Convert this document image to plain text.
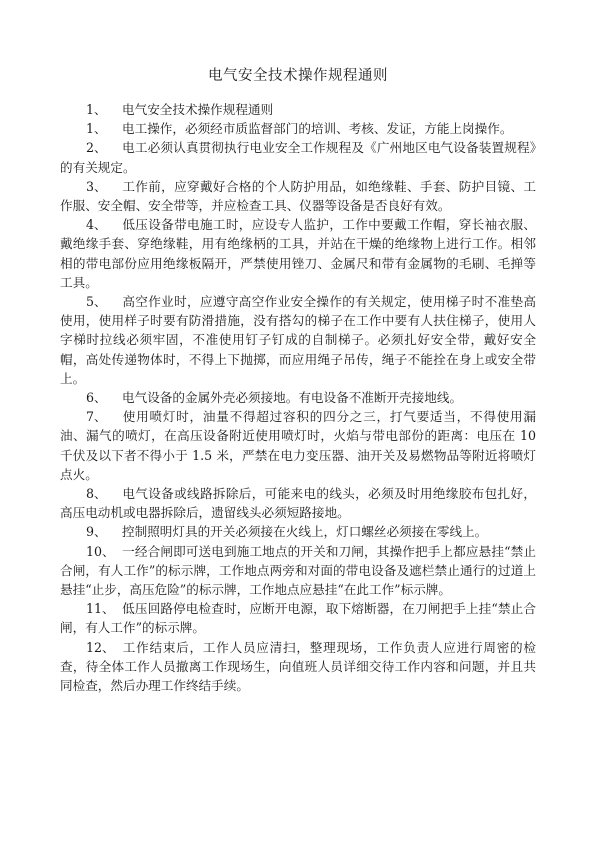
电气安全技术操作规程通则

1、 电气安全技术操作规程通则

1、 电工操作，必须经市质监督部门的培训、考核、发证，方能上岗操作。

2、 电工必须认真贯彻执行电业安全工作规程及《广州地区电气设备装置规程》的有关规定。

3、 工作前，应穿戴好合格的个人防护用品，如绝缘鞋、手套、防护目镜、工作服、安全帽、安全带等，并应检查工具、仪器等设备是否良好有效。

4、 低压设备带电施工时，应设专人监护，工作中要戴工作帽，穿长袖衣服、戴绝缘手套、穿绝缘鞋，用有绝缘柄的工具，并站在干燥的绝缘物上进行工作。相邻相的带电部份应用绝缘板隔开，严禁使用锉刀、金属尺和带有金属物的毛刷、毛掸等工具。

5、 高空作业时，应遵守高空作业安全操作的有关规定，使用梯子时不准垫高使用，使用样子时要有防滑措施，没有搭勾的梯子在工作中要有人扶住梯子，使用人字梯时拉线必须牢固，不准使用钉子钉成的自制梯子。必须扎好安全带，戴好安全帽，高处传递物体时，不得上下抛掷，而应用绳子吊传，绳子不能拴在身上或安全带上。

6、 电气设备的金属外壳必须接地。有电设备不准断开壳接地线。

7、 使用喷灯时，油量不得超过容积的四分之三，打气要适当，不得使用漏油、漏气的喷灯，在高压设备附近使用喷灯时，火焰与带电部份的距离：电压在 10 千伏及以下者不得小于 1.5 米，严禁在电力变压器、油开关及易燃物品等附近将喷灯点火。

8、 电气设备或线路拆除后，可能来电的线头，必须及时用绝缘胶布包扎好，高压电动机或电器拆除后，遗留线头必须短路接地。

9、 控制照明灯具的开关必须接在火线上，灯口螺丝必须接在零线上。

10、 一经合闸即可送电到施工地点的开关和刀闸，其操作把手上都应悬挂“禁止合闸，有人工作”的标示牌，工作地点两旁和对面的带电设备及遮栏禁止通行的过道上悬挂“止步，高压危险”的标示牌，工作地点应悬挂“在此工作”标示牌。

11、 低压回路停电检查时，应断开电源，取下熔断器，在刀闸把手上挂“禁止合闸，有人工作”的标示牌。

12、 工作结束后，工作人员应清扫，整理现场，工作负责人应进行周密的检查，待全体工作人员撤离工作现场生，向值班人员详细交待工作内容和问题，并且共同检查，然后办理工作终结手续。
